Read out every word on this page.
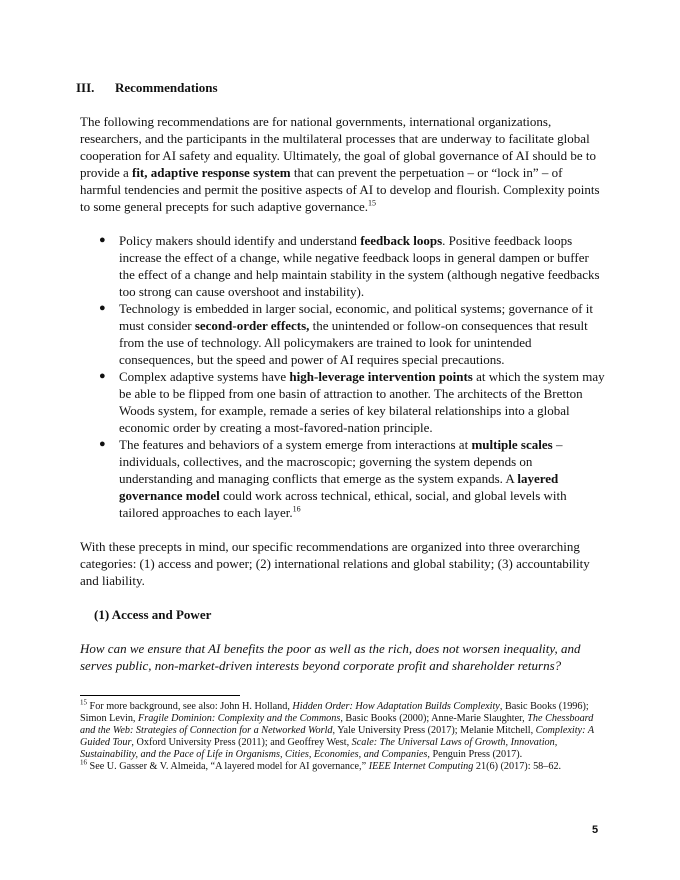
III. Recommendations

The following recommendations are for national governments, international organizations, researchers, and the participants in the multilateral processes that are underway to facilitate global cooperation for AI safety and equality. Ultimately, the goal of global governance of AI should be to provide a fit, adaptive response system that can prevent the perpetuation – or “lock in” – of harmful tendencies and permit the positive aspects of AI to develop and flourish. Complexity points to some general precepts for such adaptive governance.$^{15}$

● Policy makers should identify and understand feedback loops. Positive feedback loops increase the effect of a change, while negative feedback loops in general dampen or buffer the effect of a change and help maintain stability in the system (although negative feedbacks too strong can cause overshoot and instability).
● Technology is embedded in larger social, economic, and political systems; governance of it must consider second-order effects, the unintended or follow-on consequences that result from the use of technology. All policymakers are trained to look for unintended consequences, but the speed and power of AI requires special precautions.
● Complex adaptive systems have high-leverage intervention points at which the system may be able to be flipped from one basin of attraction to another. The architects of the Bretton Woods system, for example, remade a series of key bilateral relationships into a global economic order by creating a most-favored-nation principle.
● The features and behaviors of a system emerge from interactions at multiple scales – individuals, collectives, and the macroscopic; governing the system depends on understanding and managing conflicts that emerge as the system expands. A layered governance model could work across technical, ethical, social, and global levels with tailored approaches to each layer.$^{16}$

With these precepts in mind, our specific recommendations are organized into three overarching categories: (1) access and power; (2) international relations and global stability; (3) accountability and liability.

(1) Access and Power

How can we ensure that AI benefits the poor as well as the rich, does not worsen inequality, and serves public, non-market-driven interests beyond corporate profit and shareholder returns?

$^{15}$ For more background, see also: John H. Holland, Hidden Order: How Adaptation Builds Complexity, Basic Books (1996); Simon Levin, Fragile Dominion: Complexity and the Commons, Basic Books (2000); Anne-Marie Slaughter, The Chessboard and the Web: Strategies of Connection for a Networked World, Yale University Press (2017); Melanie Mitchell, Complexity: A Guided Tour, Oxford University Press (2011); and Geoffrey West, Scale: The Universal Laws of Growth, Innovation, Sustainability, and the Pace of Life in Organisms, Cities, Economies, and Companies, Penguin Press (2017).

$^{16}$ See U. Gasser & V. Almeida, “A layered model for AI governance,” IEEE Internet Computing 21(6) (2017): 58–62.

5
